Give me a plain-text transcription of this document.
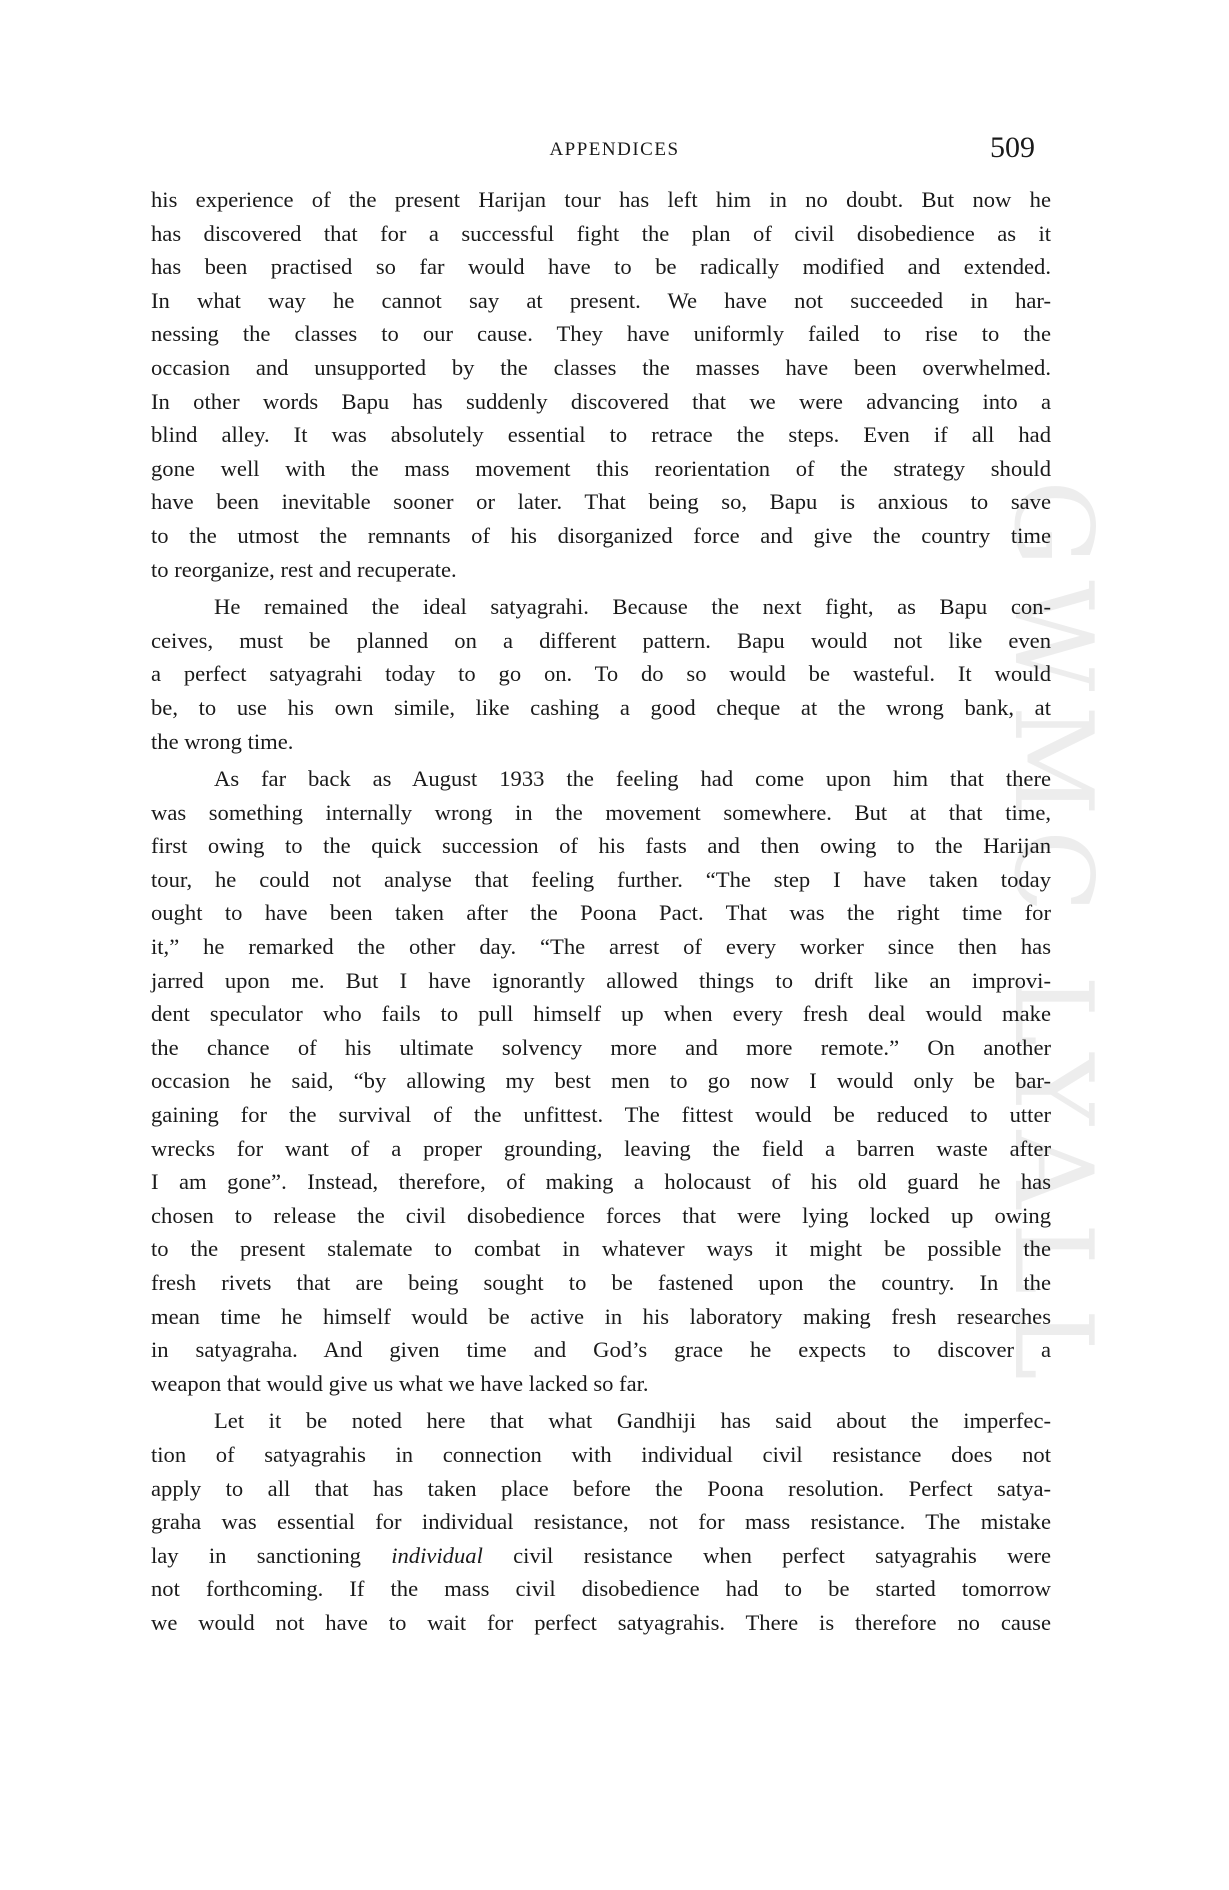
GWMC LYALL
APPENDICES	509
his experience of the present Harijan tour has left him in no doubt. But now he
has discovered that for a successful fight the plan of civil disobedience as it
has been practised so far would have to be radically modified and extended.
In what way he cannot say at present. We have not succeeded in har-
nessing the classes to our cause. They have uniformly failed to rise to the
occasion and unsupported by the classes the masses have been overwhelmed.
In other words Bapu has suddenly discovered that we were advancing into a
blind alley. It was absolutely essential to retrace the steps. Even if all had
gone well with the mass movement this reorientation of the strategy should
have been inevitable sooner or later. That being so, Bapu is anxious to save
to the utmost the remnants of his disorganized force and give the country time
to reorganize, rest and recuperate.
He remained the ideal satyagrahi. Because the next fight, as Bapu con-
ceives, must be planned on a different pattern. Bapu would not like even
a perfect satyagrahi today to go on. To do so would be wasteful. It would
be, to use his own simile, like cashing a good cheque at the wrong bank, at
the wrong time.
As far back as August 1933 the feeling had come upon him that there
was something internally wrong in the movement somewhere. But at that time,
first owing to the quick succession of his fasts and then owing to the Harijan
tour, he could not analyse that feeling further. “The step I have taken today
ought to have been taken after the Poona Pact. That was the right time for
it,” he remarked the other day. “The arrest of every worker since then has
jarred upon me. But I have ignorantly allowed things to drift like an improvi-
dent speculator who fails to pull himself up when every fresh deal would make
the chance of his ultimate solvency more and more remote.” On another
occasion he said, “by allowing my best men to go now I would only be bar-
gaining for the survival of the unfittest. The fittest would be reduced to utter
wrecks for want of a proper grounding, leaving the field a barren waste after
I am gone”. Instead, therefore, of making a holocaust of his old guard he has
chosen to release the civil disobedience forces that were lying locked up owing
to the present stalemate to combat in whatever ways it might be possible the
fresh rivets that are being sought to be fastened upon the country. In the
mean time he himself would be active in his laboratory making fresh researches
in satyagraha. And given time and God’s grace he expects to discover a
weapon that would give us what we have lacked so far.
Let it be noted here that what Gandhiji has said about the imperfec-
tion of satyagrahis in connection with individual civil resistance does not
apply to all that has taken place before the Poona resolution. Perfect satya-
graha was essential for individual resistance, not for mass resistance. The mistake
lay in sanctioning individual civil resistance when perfect satyagrahis were
not forthcoming. If the mass civil disobedience had to be started tomorrow
we would not have to wait for perfect satyagrahis. There is therefore no cause
